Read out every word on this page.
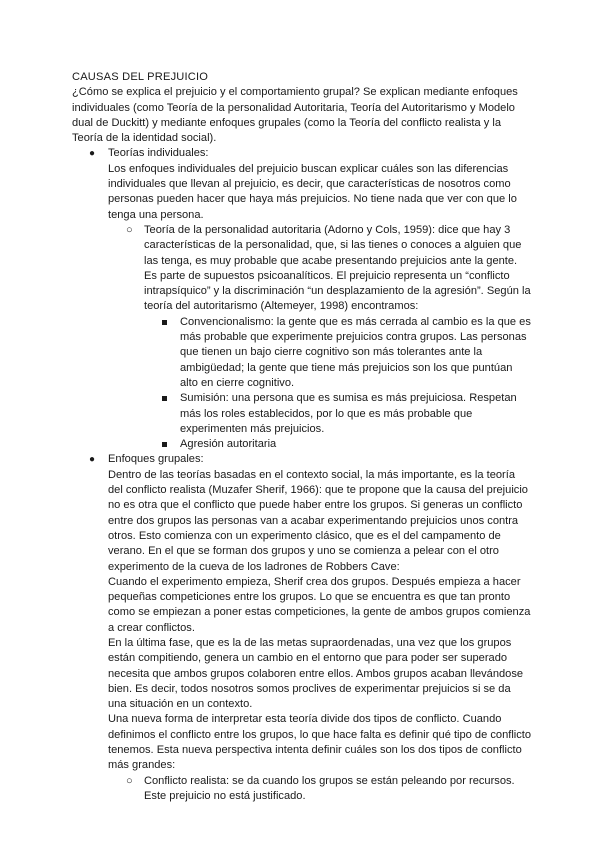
CAUSAS DEL PREJUICIO

¿Cómo se explica el prejuicio y el comportamiento grupal? Se explican mediante enfoques individuales (como Teoría de la personalidad Autoritaria, Teoría del Autoritarismo y Modelo dual de Duckitt) y mediante enfoques grupales (como la Teoría del conflicto realista y la Teoría de la identidad social).

● Teorías individuales:

Los enfoques individuales del prejuicio buscan explicar cuáles son las diferencias individuales que llevan al prejuicio, es decir, que características de nosotros como personas pueden hacer que haya más prejuicios. No tiene nada que ver con que lo tenga una persona.

○ Teoría de la personalidad autoritaria (Adorno y Cols, 1959): dice que hay 3 características de la personalidad, que, si las tienes o conoces a alguien que las tenga, es muy probable que acabe presentando prejuicios ante la gente. Es parte de supuestos psicoanalíticos. El prejuicio representa un “conflicto intrapsíquico” y la discriminación “un desplazamiento de la agresión”. Según la teoría del autoritarismo (Altemeyer, 1998) encontramos:

Convencionalismo: la gente que es más cerrada al cambio es la que es más probable que experimente prejuicios contra grupos. Las personas que tienen un bajo cierre cognitivo son más tolerantes ante la ambigüedad; la gente que tiene más prejuicios son los que puntúan alto en cierre cognitivo.

Sumisión: una persona que es sumisa es más prejuiciosa. Respetan más los roles establecidos, por lo que es más probable que experimenten más prejuicios.

Agresión autoritaria

● Enfoques grupales:

Dentro de las teorías basadas en el contexto social, la más importante, es la teoría del conflicto realista (Muzafer Sherif, 1966): que te propone que la causa del prejuicio no es otra que el conflicto que puede haber entre los grupos. Si generas un conflicto entre dos grupos las personas van a acabar experimentando prejuicios unos contra otros. Esto comienza con un experimento clásico, que es el del campamento de verano. En el que se forman dos grupos y uno se comienza a pelear con el otro experimento de la cueva de los ladrones de Robbers Cave:

Cuando el experimento empieza, Sherif crea dos grupos. Después empieza a hacer pequeñas competiciones entre los grupos. Lo que se encuentra es que tan pronto como se empiezan a poner estas competiciones, la gente de ambos grupos comienza a crear conflictos.

En la última fase, que es la de las metas supraordenadas, una vez que los grupos están compitiendo, genera un cambio en el entorno que para poder ser superado necesita que ambos grupos colaboren entre ellos. Ambos grupos acaban llevándose bien. Es decir, todos nosotros somos proclives de experimentar prejuicios si se da una situación en un contexto.

Una nueva forma de interpretar esta teoría divide dos tipos de conflicto. Cuando definimos el conflicto entre los grupos, lo que hace falta es definir qué tipo de conflicto tenemos. Esta nueva perspectiva intenta definir cuáles son los dos tipos de conflicto más grandes:

○ Conflicto realista: se da cuando los grupos se están peleando por recursos. Este prejuicio no está justificado.
